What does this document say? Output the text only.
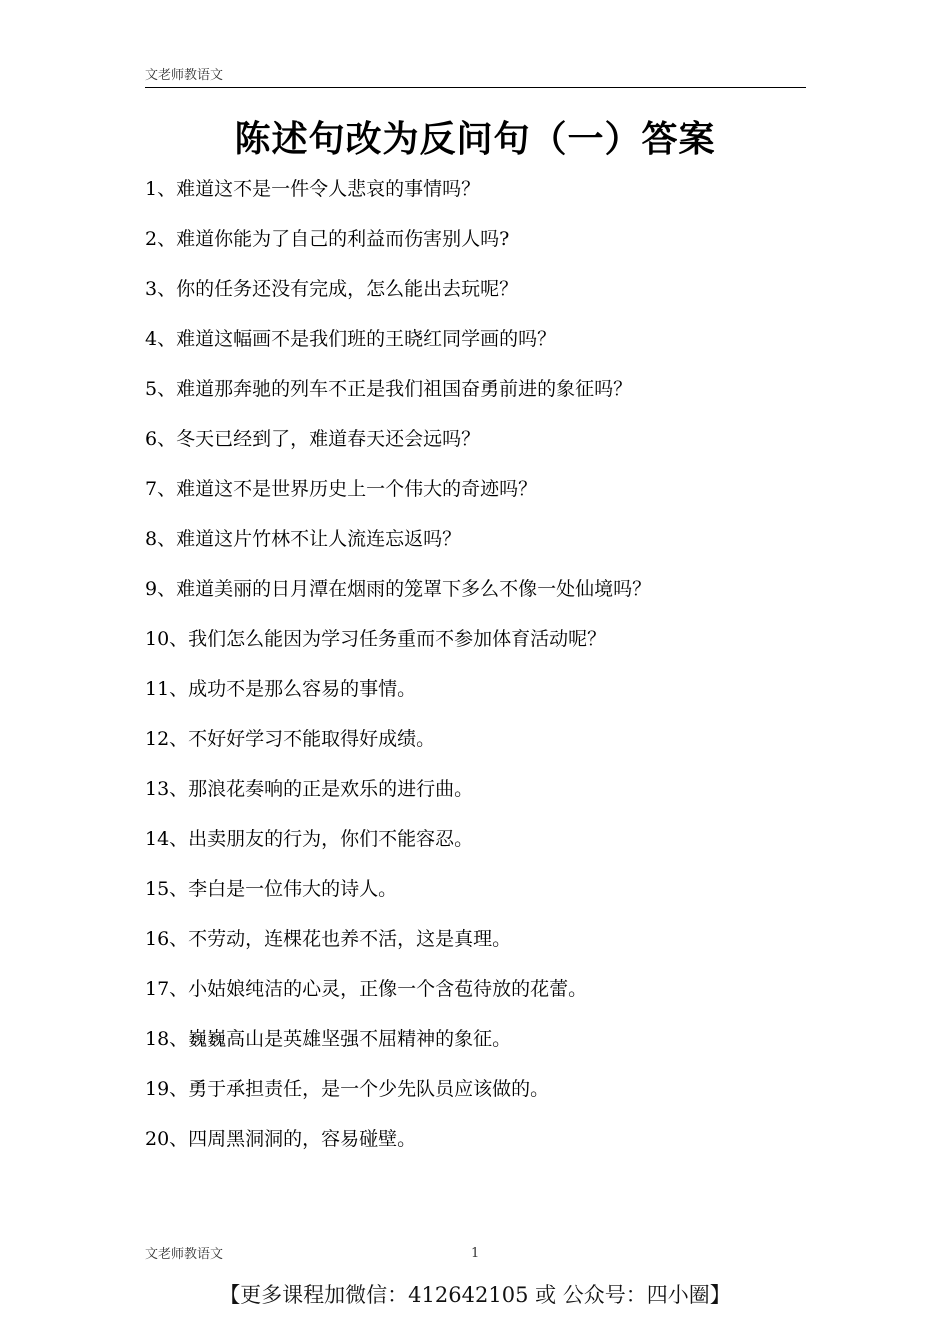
文老师教语文
陈述句改为反问句（一）答案
1、难道这不是一件令人悲哀的事情吗？
2、难道你能为了自己的利益而伤害别人吗?
3、你的任务还没有完成，怎么能出去玩呢？
4、难道这幅画不是我们班的王晓红同学画的吗？
5、难道那奔驰的列车不正是我们祖国奋勇前进的象征吗？
6、冬天已经到了，难道春天还会远吗？
7、难道这不是世界历史上一个伟大的奇迹吗？
8、难道这片竹林不让人流连忘返吗？
9、难道美丽的日月潭在烟雨的笼罩下多么不像一处仙境吗？
10、我们怎么能因为学习任务重而不参加体育活动呢？
11、成功不是那么容易的事情。
12、不好好学习不能取得好成绩。
13、那浪花奏响的正是欢乐的进行曲。
14、出卖朋友的行为，你们不能容忍。
15、李白是一位伟大的诗人。
16、不劳动，连棵花也养不活，这是真理。
17、小姑娘纯洁的心灵，正像一个含苞待放的花蕾。
18、巍巍高山是英雄坚强不屈精神的象征。
19、勇于承担责任，是一个少先队员应该做的。
20、四周黑洞洞的，容易碰壁。
文老师教语文	1
【更多课程加微信：412642105 或 公众号：四小圈】
